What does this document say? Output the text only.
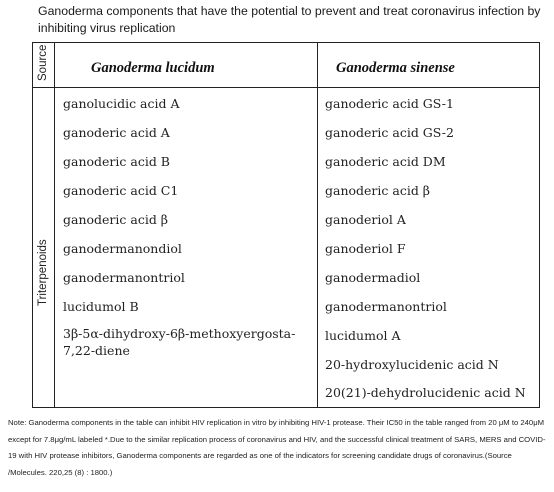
Ganoderma components that have the potential to prevent and treat coronavirus infection by inhibiting virus replication
Source
Triterpenoids
Ganoderma lucidum	Ganoderma sinense
ganolucidic acid A
ganoderic acid A
ganoderic acid B
ganoderic acid C1
ganoderic acid β
ganodermanondiol
ganodermanontriol
lucidumol B
3β-5α-dihydroxy-6β-methoxyergosta-
7,22-diene
ganoderic acid GS-1
ganoderic acid GS-2
ganoderic acid DM
ganoderic acid β
ganoderiol A
ganoderiol F
ganodermadiol
ganodermanontriol
lucidumol A
20-hydroxylucidenic acid N
20(21)-dehydrolucidenic acid N
Note: Ganoderma components in the table can inhibit HIV replication in vitro by inhibiting HIV-1 protease. Their IC50 in the table ranged from 20 μM to 240μM except for 7.8μg/mL labeled *.Due to the similar replication process of coronavirus and HIV, and the successful clinical treatment of SARS, MERS and COVID-19 with HIV protease inhibitors, Ganoderma components are regarded as one of the indicators for screening candidate drugs of coronavirus.(Source /Molecules. 220,25 (8) : 1800.)
